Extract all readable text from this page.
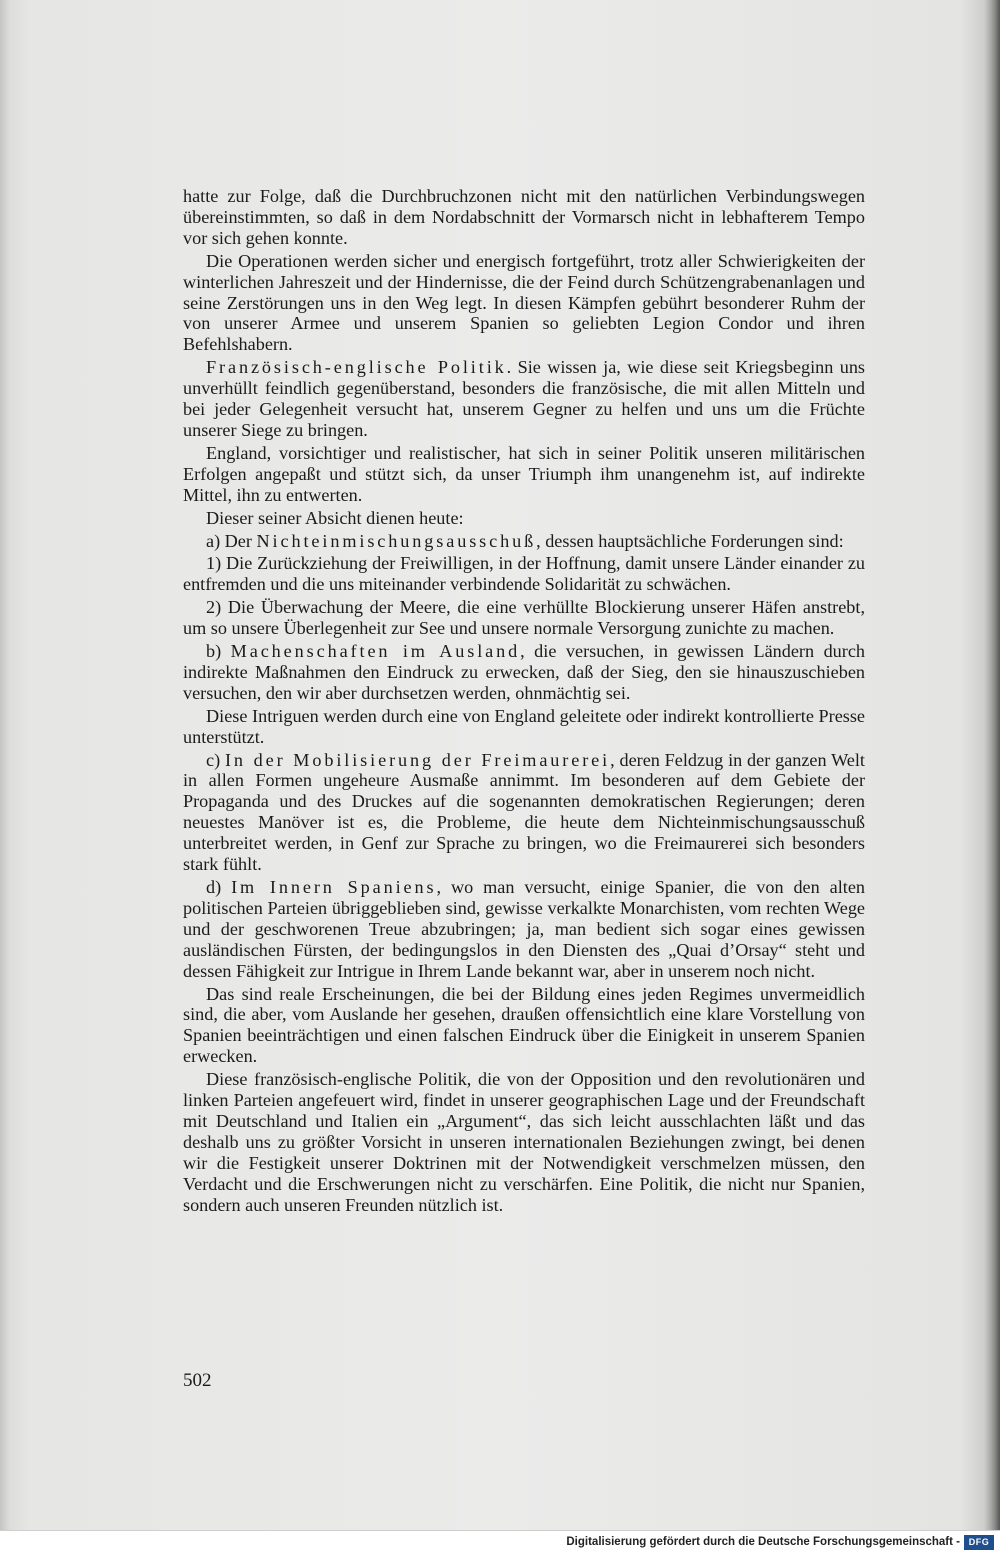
hatte zur Folge, daß die Durchbruchzonen nicht mit den natürlichen Verbindungswegen übereinstimmten, so daß in dem Nordabschnitt der Vormarsch nicht in lebhafterem Tempo vor sich gehen konnte.

Die Operationen werden sicher und energisch fortgeführt, trotz aller Schwierigkeiten der winterlichen Jahreszeit und der Hindernisse, die der Feind durch Schützengrabenanlagen und seine Zerstörungen uns in den Weg legt. In diesen Kämpfen gebührt besonderer Ruhm der von unserer Armee und unserem Spanien so geliebten Legion Condor und ihren Befehlshabern.

Französisch-englische Politik. Sie wissen ja, wie diese seit Kriegsbeginn uns unverhüllt feindlich gegenüberstand, besonders die französische, die mit allen Mitteln und bei jeder Gelegenheit versucht hat, unserem Gegner zu helfen und uns um die Früchte unserer Siege zu bringen.

England, vorsichtiger und realistischer, hat sich in seiner Politik unseren militärischen Erfolgen angepaßt und stützt sich, da unser Triumph ihm unangenehm ist, auf indirekte Mittel, ihn zu entwerten.

Dieser seiner Absicht dienen heute:

a) Der Nichteinmischungsausschuß, dessen hauptsächliche Forderungen sind:

1) Die Zurückziehung der Freiwilligen, in der Hoffnung, damit unsere Länder einander zu entfremden und die uns miteinander verbindende Solidarität zu schwächen.

2) Die Überwachung der Meere, die eine verhüllte Blockierung unserer Häfen anstrebt, um so unsere Überlegenheit zur See und unsere normale Versorgung zunichte zu machen.

b) Machenschaften im Ausland, die versuchen, in gewissen Ländern durch indirekte Maßnahmen den Eindruck zu erwecken, daß der Sieg, den sie hinauszuschieben versuchen, den wir aber durchsetzen werden, ohnmächtig sei.

Diese Intriguen werden durch eine von England geleitete oder indirekt kontrollierte Presse unterstützt.

c) In der Mobilisierung der Freimaurerei, deren Feldzug in der ganzen Welt in allen Formen ungeheure Ausmaße annimmt. Im besonderen auf dem Gebiete der Propaganda und des Druckes auf die sogenannten demokratischen Regierungen; deren neuestes Manöver ist es, die Probleme, die heute dem Nichteinmischungsausschuß unterbreitet werden, in Genf zur Sprache zu bringen, wo die Freimaurerei sich besonders stark fühlt.

d) Im Innern Spaniens, wo man versucht, einige Spanier, die von den alten politischen Parteien übriggeblieben sind, gewisse verkalkte Monarchisten, vom rechten Wege und der geschworenen Treue abzubringen; ja, man bedient sich sogar eines gewissen ausländischen Fürsten, der bedingungslos in den Diensten des „Quai d’Orsay“ steht und dessen Fähigkeit zur Intrigue in Ihrem Lande bekannt war, aber in unserem noch nicht.

Das sind reale Erscheinungen, die bei der Bildung eines jeden Regimes unvermeidlich sind, die aber, vom Auslande her gesehen, draußen offensichtlich eine klare Vorstellung von Spanien beeinträchtigen und einen falschen Eindruck über die Einigkeit in unserem Spanien erwecken.

Diese französisch-englische Politik, die von der Opposition und den revolutionären und linken Parteien angefeuert wird, findet in unserer geographischen Lage und der Freundschaft mit Deutschland und Italien ein „Argument“, das sich leicht ausschlachten läßt und das deshalb uns zu größter Vorsicht in unseren internationalen Beziehungen zwingt, bei denen wir die Festigkeit unserer Doktrinen mit der Notwendigkeit verschmelzen müssen, den Verdacht und die Erschwerungen nicht zu verschärfen. Eine Politik, die nicht nur Spanien, sondern auch unseren Freunden nützlich ist.

502
Digitalisierung gefördert durch die Deutsche Forschungsgemeinschaft - DFG
